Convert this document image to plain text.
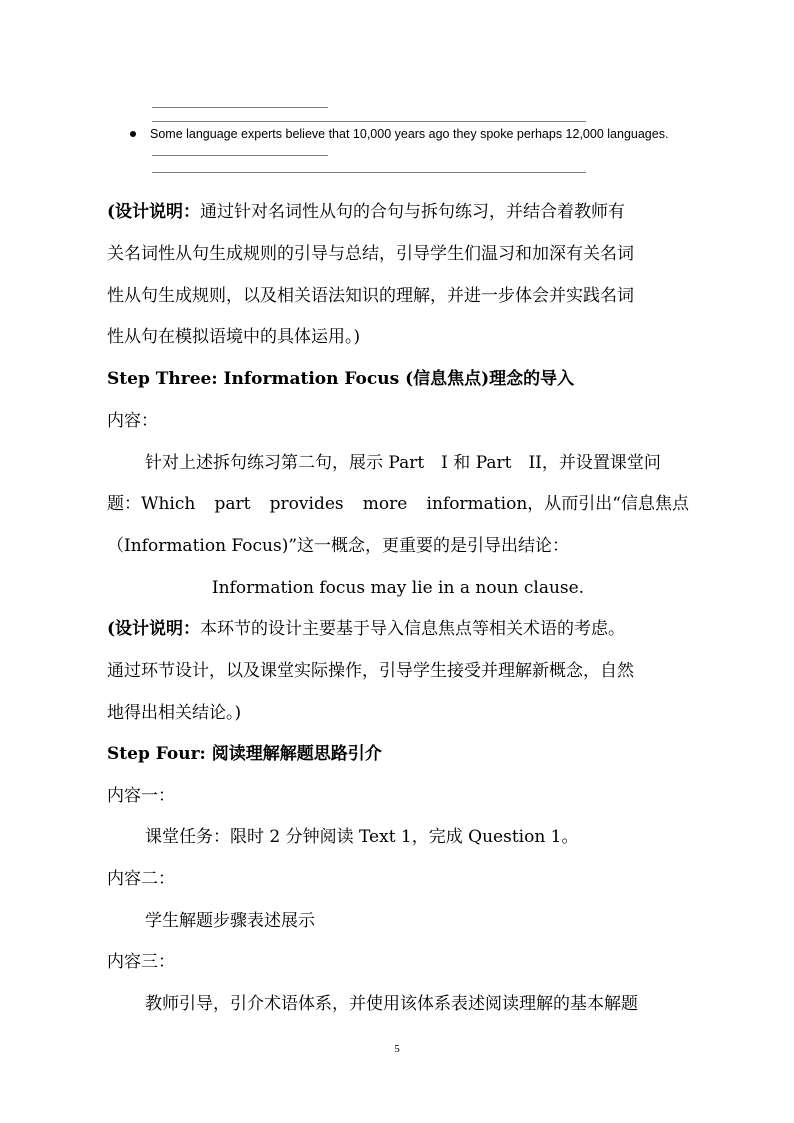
Some language experts believe that 10,000 years ago they spoke perhaps 12,000 languages.
(设计说明：通过针对名词性从句的合句与拆句练习，并结合着教师有
关名词性从句生成规则的引导与总结，引导学生们温习和加深有关名词
性从句生成规则，以及相关语法知识的理解，并进一步体会并实践名词
性从句在模拟语境中的具体运用。)
Step Three: Information Focus (信息焦点)理念的导入
内容：
针对上述拆句练习第二句，展示 Part　I 和 Part　II，并设置课堂问
题：Which part provides more information，从而引出“信息焦点
（Information Focus)”这一概念，更重要的是引导出结论：
Information focus may lie in a noun clause.
(设计说明：本环节的设计主要基于导入信息焦点等相关术语的考虑。
通过环节设计，以及课堂实际操作，引导学生接受并理解新概念，自然
地得出相关结论。)
Step Four: 阅读理解解题思路引介
内容一：
课堂任务：限时 2 分钟阅读 Text 1，完成 Question 1。
内容二：
学生解题步骤表述展示
内容三：
教师引导，引介术语体系，并使用该体系表述阅读理解的基本解题
5
